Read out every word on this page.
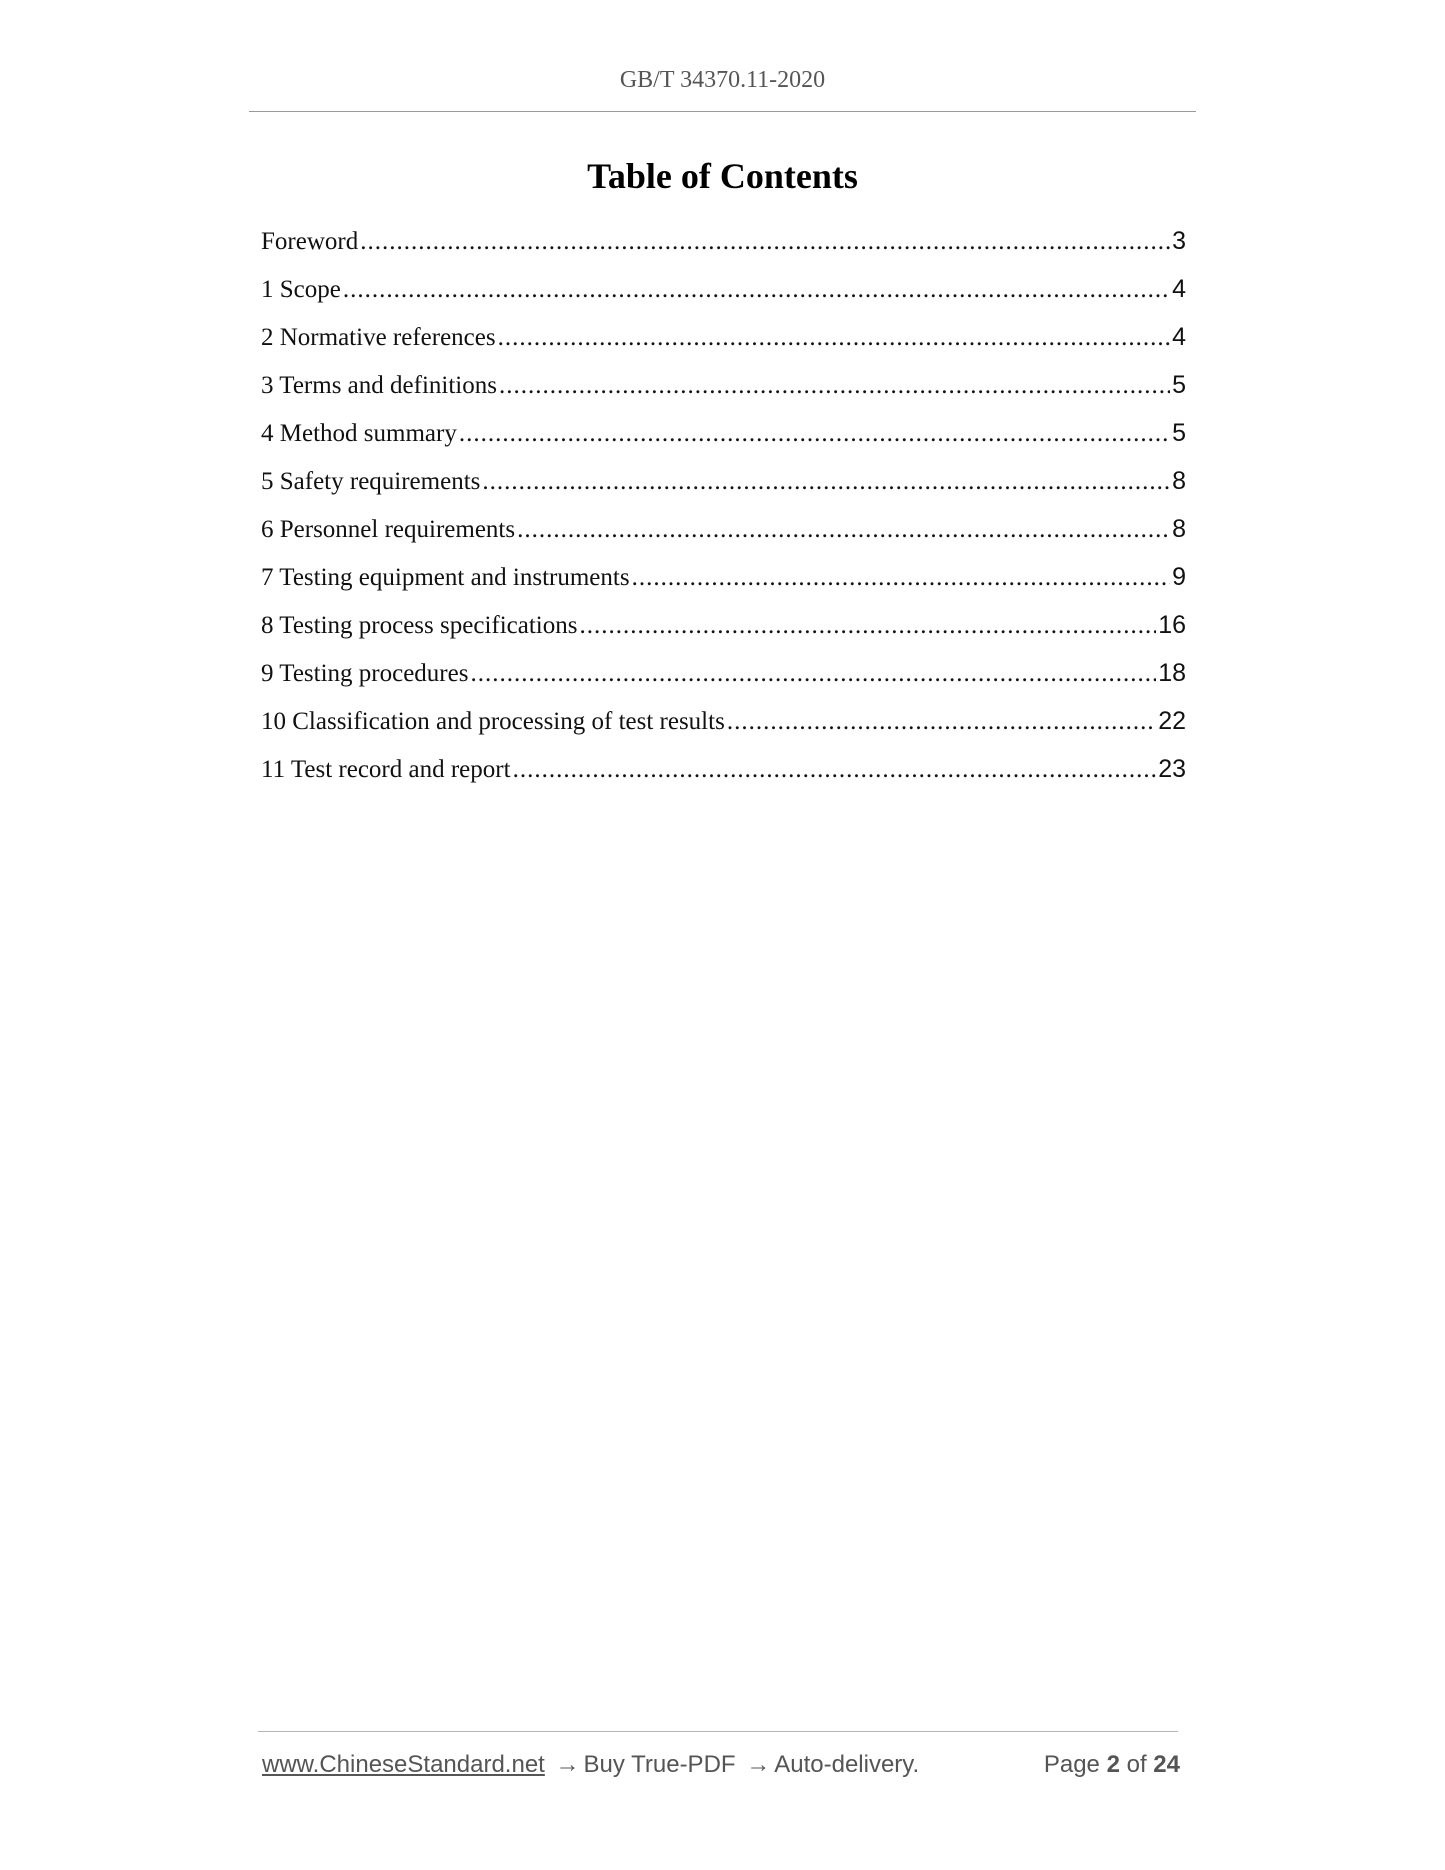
GB/T 34370.11-2020
Table of Contents
Foreword .....	3
1 Scope .....	4
2 Normative references .....	4
3 Terms and definitions .....	5
4 Method summary .....	5
5 Safety requirements .....	8
6 Personnel requirements .....	8
7 Testing equipment and instruments .....	9
8 Testing process specifications .....	16
9 Testing procedures .....	18
10 Classification and processing of test results .....	22
11 Test record and report .....	23
www.ChineseStandard.net → Buy True-PDF → Auto-delivery.	Page 2 of 24
